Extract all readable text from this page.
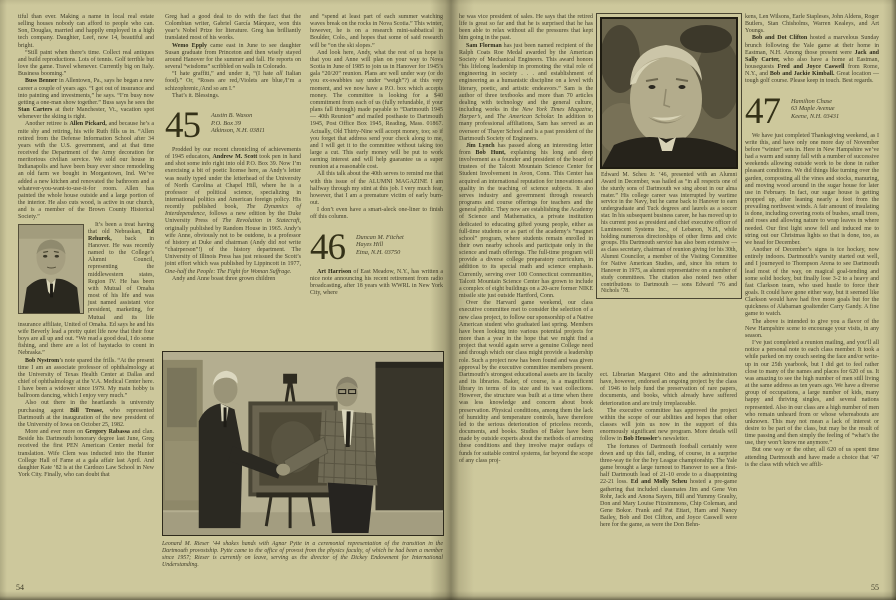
tiful than ever. Making a name in local real estate selling houses nobody can afford to people who can. Son, Douglas, married and happily employed in a high tech company. Daughter, Leef, now 14, beautiful and bright.

“Still paint when there’s time. Collect real antiques and build reproductions. Lots of tennis. Golf terrible but love the game. Travel whenever. Currently big on Italy. Business booming.”

Buss Benner in Allentown, Pa., says he began a new career a couple of years ago. “I got out of insurance and into painting and investments,” he says. “I’m busy now getting a one-man show together.” Buss says he sees the Stan Carters at their Manchester, Vt., vacation spot whenever the skiing is right.

Another retiree is Allen Pickard, and because he’s a mite shy and retiring, his wife Ruth fills us in. “Allen retired from the Defense Information School after 34 years with the U.S. government, and at that time received the Department of the Army decoration for meritorious civilian service. We sold our house in Indianapolis and have been busy ever since remodeling an old farm we bought in Morgantown, Ind. We’ve added a new kitchen and renovated the bathroom and a whatever-you-want-to-use-it-for room. Allen has painted the whole house outside and a large portion of the interior. He also cuts wood, is active in our church, and is a member of the Brown County Historical Society.”

It’s been a treat having that old Nebraskan, Ed Rehurek, back in Hanover. He was recently named to the College’s Alumni Council, representing the middlewestern states, Region IV. He has been with Mutual of Omaha most of his life and was just named assistant vice president, marketing, for Mutual and its life insurance affiliate, United of Omaha. Ed says he and his wife Beverly lead a pretty quiet life now that their four boys are all up and out. “We read a good deal, I do some fishing, and there are a lot of haystacks to count in Nebraska.”

Bob Nystrom’s note spared the frills. “At the present time I am an associate professor of ophthalmology at the University of Texas Health Center at Dallas and chief of ophthalmology at the V.A. Medical Center here. I have been a widower since 1979. My main hobby is ballroom dancing, which I enjoy very much.”

Also out there in the heartlands is university purchasing agent Bill Trease, who represented Dartmouth at the inauguration of the new president of the University of Iowa on October 25, 1982.

More and ever more on Gregory Rabassa and clan. Beside his Dartmouth honorary degree last June, Greg received the first PEN American Center medal for translation. Wife Clem was inducted into the Hunter College Hall of Fame at a gala affair last April. And daughter Kate ’82 is at the Cardozo Law School in New York City. Finally, who can doubt that

Greg had a good deal to do with the fact that the Colombian writer, Gabriel García Márquez, won this year’s Nobel Prize for literature. Greg has brilliantly translated most of his works.

Wemo Epply came east in June to see daughter Susan graduate from Princeton and then wisely stayed around Hanover for the summer and fall. He reports on several “wisdoms” scribbled on walls in Colorado.

“I hate graffiti,” and under it, “(I hate all Italian food).” Or, “Roses are red,/Violets are blue,/I’m a schizophrenic,/And so am I.”

That’s it. Blessings.

45 Austin B. Wason

P.O. Box 39

Atkinson, N.H. 03811

Prodded by our recent chronicling of achievements of 1945 educators, Andrew M. Scott took pen in hand and shot some info right into old P.O. Box 39. Now I’m exercising a bit of poetic license here, as Andy’s letter was neatly typed under the letterhead of the University of North Carolina at Chapel Hill, where he is a professor of political science, specializing in international politics and American foreign policy. His recently published book, The Dynamics of Interdependence, follows a new edition by the Duke University Press of The Revolution in Statecraft, originally published by Random House in 1965. Andy’s wife Anne, obviously not to be outdone, is a professor of history at Duke and chairman (Andy did not write “chairperson”!) of the history department. The University of Illinois Press has just reissued the Scott’s joint effort which was published by Lippincott in 1977, One-half the People: The Fight for Woman Suffrage.

Andy and Anne boast three grown children

and “spend at least part of each summer watching waves break on the rocks in Nova Scotia.” This winter, however, he is on a research mini-sabbatical in Boulder, Colo., and hopes that some of said research will be “on the ski slopes.”

And look here, Andy, what the rest of us hope is that you and Anne will plan on your way to Nova Scotia in June of 1985 to join us in Hanover for 1945’s gala “20/20” reunion. Plans are well under way (or do you ex-swabbies say under “weigh”?) at this very moment, and we now have a P.O. box which accepts money. The committee is looking for a $40 commitment from each of us (fully refundable, if your plans fall through) made payable to “Dartmouth 1945 — 40th Reunion” and mailed posthaste to Dartmouth 1945, Post Office Box 1945, Reading, Mass. 01867. Actually, Old Thirty-Nine will accept money, too; so if you forget that address send your check along to me, and I will get it to the committee without taking too large a cut. This early money will be put to work earning interest and will help guarantee us a super reunion at a reasonable cost.

All this talk about the 40th serves to remind me that with this issue of the ALUMNI MAGAZINE I am halfway through my stint at this job. I very much fear, however, that I am a premature victim of early burn-out.

I don’t even have a smart-aleck one-liner to finish off this column.

46 Duncan M. Fitchet

Hayes Hill

Etna, N.H. 03750

Art Harrison of East Meadow, N.Y., has written a nice note announcing his recent retirement from radio broadcasting, after 18 years with WWRL in New York City, where

Leonard M. Rieser ’44 shakes hands with Agnar Pytte in a ceremonial representation of the transition in the Dartmouth provostship. Pytte came to the office of provost from the physics faculty, of which he had been a member since 1957; Rieser is currently on leave, serving as the director of the Dickey Endowment for International Understanding.
54

he was vice president of sales. He says that the retired life is great so far and that he is surprised that he has been able to relax without all the pressures that kept him going in the past.

Sam Florman has just been named recipient of the Ralph Coats Roe Medal awarded by the American Society of Mechanical Engineers. This award honors “his lifelong leadership in promoting the vital role of engineering in society . . . and establishment of engineering as a humanistic discipline on a level with literary, poetic, and artistic endeavors.” Sam is the author of three textbooks and more than 70 articles dealing with technology and the general culture, including works in the New York Times Magazine, Harper’s, and The American Scholar. In addition to many professional affiliations, Sam has served as an overseer of Thayer School and is a past president of the Dartmouth Society of Engineers.

Jim Lynch has passed along an interesting letter from Bob Hunt, explaining his long and deep involvement as a founder and president of the board of trustees of the Talcott Mountain Science Center for Student Involvement in Avon, Conn. This Center has acquired an international reputation for innovations and quality in the teaching of science subjects. It also serves industry and government through research programs and course offerings for teachers and the general public. They now are establishing the Academy of Science and Mathematics, a private institution dedicated to educating gifted young people, either as full-time students or as part of the academy’s “magnet school” program, where students remain enrolled in their own nearby schools and participate only in the science and math offerings. The full-time program will provide a diverse college preparatory curriculum, in addition to its special math and science emphasis. Currently, serving over 100 Connecticut communities, Talcott Mountain Science Center has grown to include a complex of eight buildings on a 20-acre former NIKE missile site just outside Hartford, Conn.

Over the Harvard game weekend, our class executive committee met to consider the selection of a new class project, to follow our sponsorship of a Native American student who graduated last spring. Members have been looking into various potential projects for more than a year in the hope that we might find a project that would again serve a genuine College need and through which our class might provide a leadership role. Such a project now has been found and was given approval by the executive committee members present. Dartmouth’s strongest educational assets are its faculty and its libraries. Baker, of course, is a magnificent library in terms of its size and its vast collections. However, the structure was built at a time when there was less knowledge and concern about book preservation. Physical conditions, among them the lack of humidity and temperature controls, have therefore led to the serious deterioration of priceless records, documents, and books. Studies of Baker have been made by outside experts about the methods of arresting these conditions and they involve major outlays of funds for suitable control systems, far beyond the scope of any class proj-

Edward M. Scheu Jr. ’46, presented with an Alumni Award in December, was hailed as “in all respects one of the sturdy sons of Dartmouth we sing about in our alma mater.” His college career was interrupted by wartime service in the Navy, but he came back to Hanover to earn undergraduate and Tuck degrees and laurels as a soccer star. In his subsequent business career, he has moved up to his current post as president and chief executive officer of Luminescent Systems Inc., of Lebanon, N.H., while holding numerous directorships of other firms and civic groups. His Dartmouth service has also been extensive — as class secretary, chairman of reunion giving for his 30th, Alumni Councilor, a member of the Visiting Committee for Native American Studies, and, since his return to Hanover in 1975, as alumni representative on a number of study committees. The citation also noted two other contributions to Dartmouth — sons Edward ’76 and Nichols ’78.

ect. Librarian Margaret Otto and the administration have, however, endorsed an ongoing project by the class of 1946 to help fund the preservation of rare papers, documents, and books, which already have suffered deterioration and are truly irreplaceable.

The executive committee has approved the project within the scope of our abilities and hopes that other classes will join us now in the support of this enormously significant new program. More details will follow in Bob Heussler’s newsletter.

The fortunes of Dartmouth football certainly were down and up this fall, ending, of course, in a surprise three-way tie for the Ivy League championship. The Yale game brought a large turnout to Hanover to see a first-half Dartmouth lead of 21-10 erode to a disappointing 22-21 loss. Ed and Molly Scheu hosted a pre-game gathering that included classmates Jim and Gene Von Rohr, Jack and Anona Sayers, Bill and Yummy Graulty, Don and Mary Louise Fitzsimmons, Chip Coleman, and Gene Bokor. Frank and Pat Ettari, Ham and Nancy Bailey, Bob and Dot Clifton, and Joyce Caswell were here for the game, as were the Don Behn-

kens, Len Wilsons, Earle Stapleses, John Aldens, Roger Butlers, Stan Chisholms, Warren Kealeys, and Art Youngs.

Bob and Dot Clifton hosted a marvelous Sunday brunch following the Yale game at their home in Eastman, N.H. Among those present were Jack and Sally Carter, who also have a home at Eastman, houseguests Fred and Joyce Caswell from Rome, N.Y., and Bob and Jackie Kimball. Great location — tough golf course. Please keep in touch. Best regards.

47 Hamilton Chase

63 Maple Avenue

Keene, N.H. 03431

We have just completed Thanksgiving weekend, as I write this, and have only one more day of November before “winter” sets in. Here in New Hampshire we’ve had a warm and sunny fall with a number of successive weekends allowing outside work to be done in rather pleasant conditions. We did things like turning over the garden, composting all the vines and stocks, manuring, and moving wood around in the sugar house for later use in February. In fact, our sugar house is getting propped up, after leaning nearly a foot from the prevailing northwest winds. A fair amount of insulating is done, including covering roots of bushes, small trees, and roses and allowing nature to wrap leaves in where needed. Our first light snow fell and induced me to string out our Christmas lights so that is done, too, as we head for December.

Another of December’s signs is ice hockey, now entirely indoors. Dartmouth’s varsity started out well, and I journeyed to Thompson Arena to see Dartmouth lead most of the way, on magical goal-tending and some solid hockey, but finally lose 3-2 to a heavy and fast Clarkson team, who used hustle to force their goals. It could have gone either way, but it seemed like Clarkson would have had five more goals but for the quickness of Alabaman goaltender Carry Gandy. A fine game to watch.

The above is intended to give you a flavor of the New Hampshire scene to encourage your visits, in any season.

I’ve just completed a reunion mailing, and you’ll all notice a personal note to each class member. It took a while parked on my couch seeing the face and/or write-up in our 25th yearbook, but I did get to feel rather close to many of the names and places for 620 of us. It was amazing to see the high number of men still living at the same address as ten years ago. We have a diverse group of occupations, a large number of kids, many happy and thriving singles, and several nations represented. Also in our class are a high number of men who remain unheard from or whose whereabouts are unknown. This may not mean a lack of interest or desire to be part of the class, but may be the result of time passing and then simply the feeling of “what’s the use, they won’t know me anymore.”

But one way or the other, all 620 of us spent time attending Dartmouth and have made a choice that ’47 is the class with which we affili-

55
